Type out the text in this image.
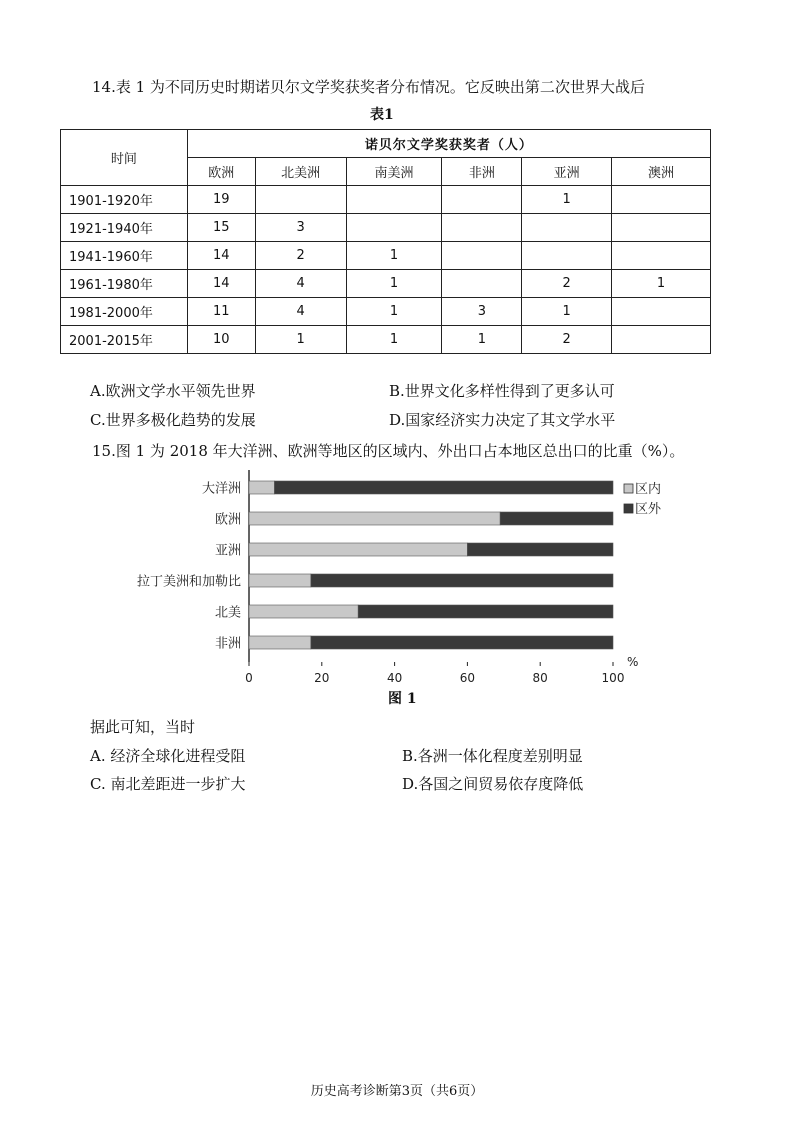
14.表 1 为不同历史时期诺贝尔文学奖获奖者分布情况。它反映出第二次世界大战后
表1
时间	诺贝尔文学奖获奖者（人）					
	欧洲	北美洲	南美洲	非洲	亚洲	澳洲
1901-1920年	19				1	
1921-1940年	15	3				
1941-1960年	14	2	1			
1961-1980年	14	4	1		2	1
1981-2000年	11	4	1	3	1	
2001-2015年	10	1	1	1	2	
A.欧洲文学水平领先世界	B.世界文化多样性得到了更多认可
C.世界多极化趋势的发展	D.国家经济实力决定了其文学水平
15.图 1 为 2018 年大洋洲、欧洲等地区的区域内、外出口占本地区总出口的比重（%）。
大洋洲
欧洲
亚洲
拉丁美洲和加勒比
北美
非洲
0	20	40	60	80	100
%
区内
区外
图 1
据此可知，当时
A. 经济全球化进程受阻	B.各洲一体化程度差别明显
C. 南北差距进一步扩大	D.各国之间贸易依存度降低
历史高考诊断第3页（共6页）
